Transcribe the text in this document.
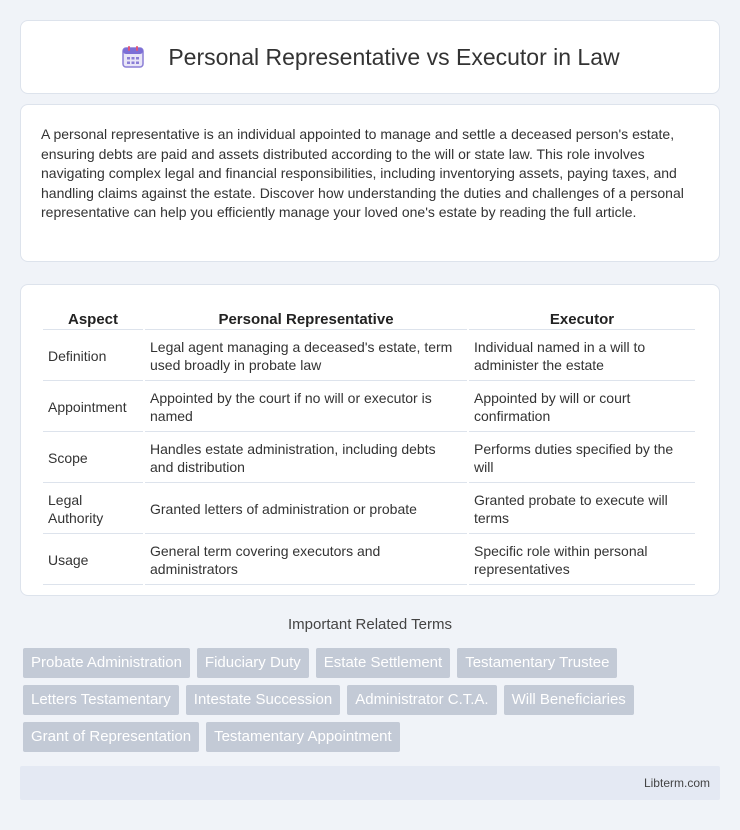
Personal Representative vs Executor in Law

A personal representative is an individual appointed to manage and settle a deceased person's estate, ensuring debts are paid and assets distributed according to the will or state law. This role involves navigating complex legal and financial responsibilities, including inventorying assets, paying taxes, and handling claims against the estate. Discover how understanding the duties and challenges of a personal representative can help you efficiently manage your loved one's estate by reading the full article.

Aspect	Personal Representative	Executor
Definition	Legal agent managing a deceased's estate, term used broadly in probate law	Individual named in a will to administer the estate
Appointment	Appointed by the court if no will or executor is named	Appointed by will or court confirmation
Scope	Handles estate administration, including debts and distribution	Performs duties specified by the will
Legal Authority	Granted letters of administration or probate	Granted probate to execute will terms
Usage	General term covering executors and administrators	Specific role within personal representatives
Important Related Terms
Probate Administration	Fiduciary Duty	Estate Settlement	Testamentary Trustee
Letters Testamentary	Intestate Succession	Administrator C.T.A.	Will Beneficiaries
Grant of Representation	Testamentary Appointment
Libterm.com
